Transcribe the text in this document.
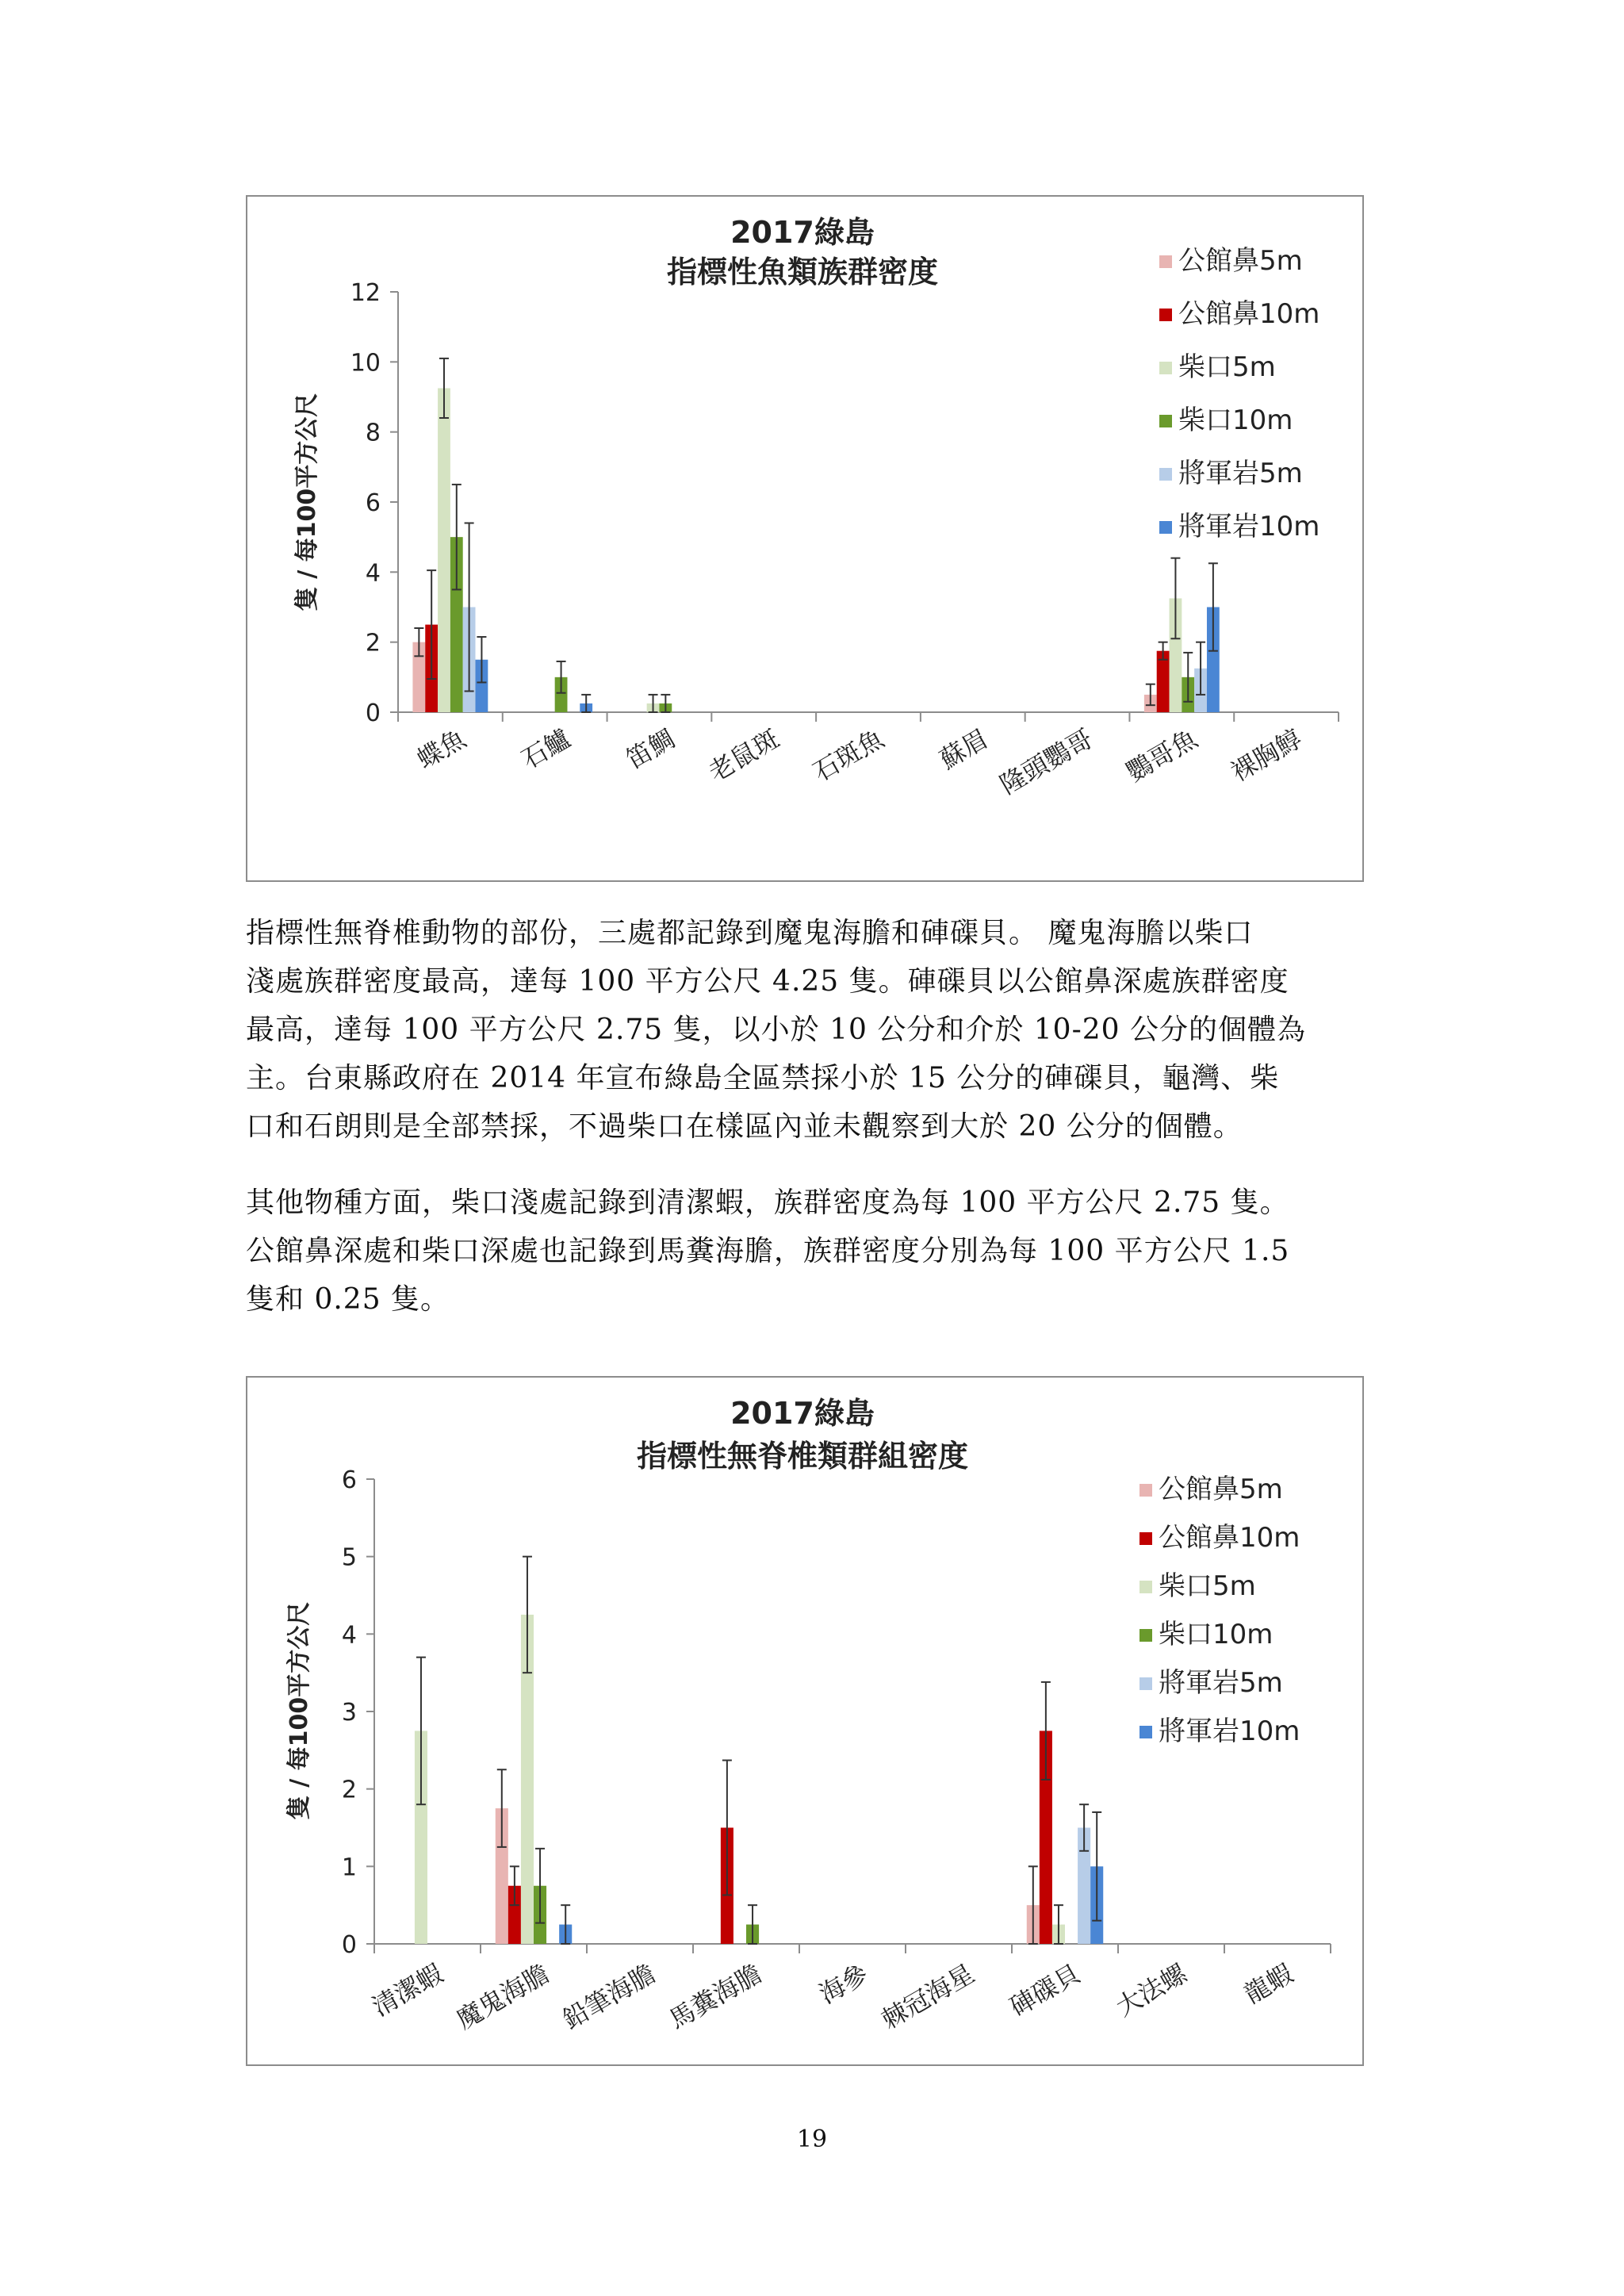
2017綠島
指標性魚類族群密度
隻 / 每100平方公尺
0
2
4
6
8
10
12
蝶魚 石鱸 笛鯛 老鼠斑 石斑魚 蘇眉 隆頭鸚哥 鸚哥魚 裸胸鯙
公館鼻5m
公館鼻10m
柴口5m
柴口10m
將軍岩5m
將軍岩10m

指標性無脊椎動物的部份，三處都記錄到魔鬼海膽和硨磲貝。 魔鬼海膽以柴口
淺處族群密度最高，達每 100 平方公尺 4.25 隻。硨磲貝以公館鼻深處族群密度
最高，達每 100 平方公尺 2.75 隻，以小於 10 公分和介於 10-20 公分的個體為
主。台東縣政府在 2014 年宣布綠島全區禁採小於 15 公分的硨磲貝，龜灣、柴
口和石朗則是全部禁採，不過柴口在樣區內並未觀察到大於 20 公分的個體。

其他物種方面，柴口淺處記錄到清潔蝦，族群密度為每 100 平方公尺 2.75 隻。
公館鼻深處和柴口深處也記錄到馬糞海膽，族群密度分別為每 100 平方公尺 1.5
隻和 0.25 隻。

2017綠島
指標性無脊椎類群組密度
隻 / 每100平方公尺
0
1
2
3
4
5
6
清潔蝦 魔鬼海膽 鉛筆海膽 馬糞海膽 海參 棘冠海星 硨磲貝 大法螺 龍蝦
公館鼻5m
公館鼻10m
柴口5m
柴口10m
將軍岩5m
將軍岩10m
19
